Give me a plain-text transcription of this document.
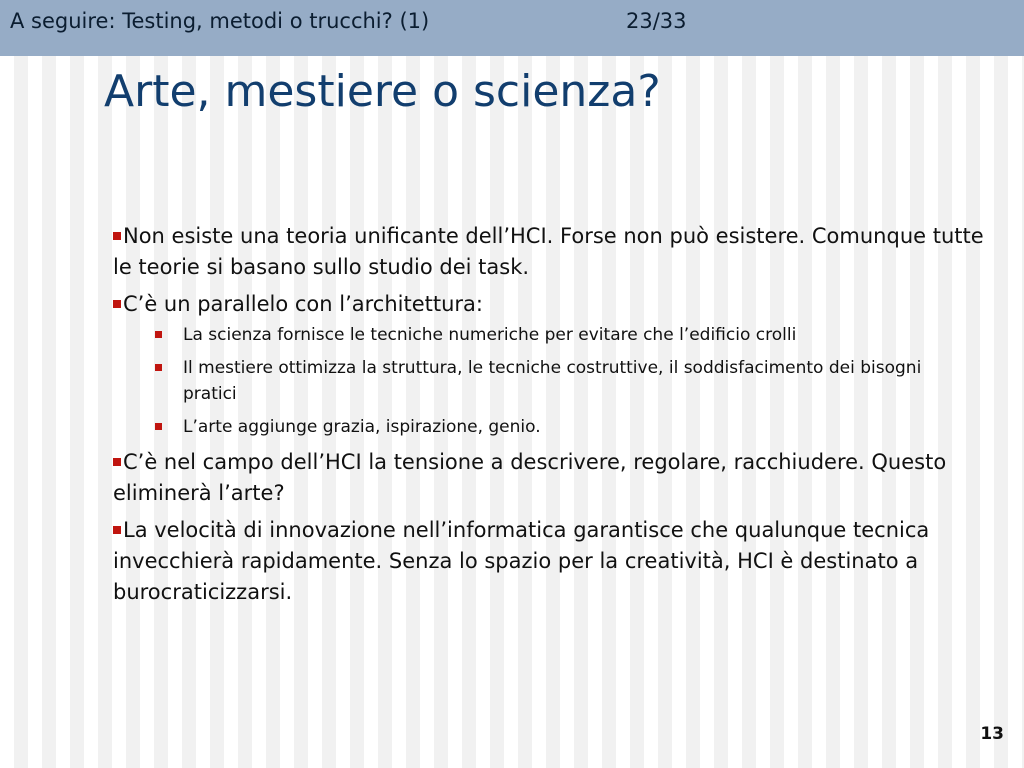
A seguire: Testing, metodi o trucchi? (1)	23/33
Arte, mestiere o scienza?
Non esiste una teoria unificante dell’HCI. Forse non può esistere. Comunque tutte le teorie si basano sullo studio dei task.
C’è un parallelo con l’architettura:
La scienza fornisce le tecniche numeriche per evitare che l’edificio crolli
Il mestiere ottimizza la struttura, le tecniche costruttive, il soddisfacimento dei bisogni pratici
L’arte aggiunge grazia, ispirazione, genio.
C’è nel campo dell’HCI la tensione a descrivere, regolare, racchiudere. Questo eliminerà l’arte?
La velocità di innovazione nell’informatica garantisce che qualunque tecnica invecchierà rapidamente. Senza lo spazio per la creatività, HCI è destinato a burocraticizzarsi.
13
